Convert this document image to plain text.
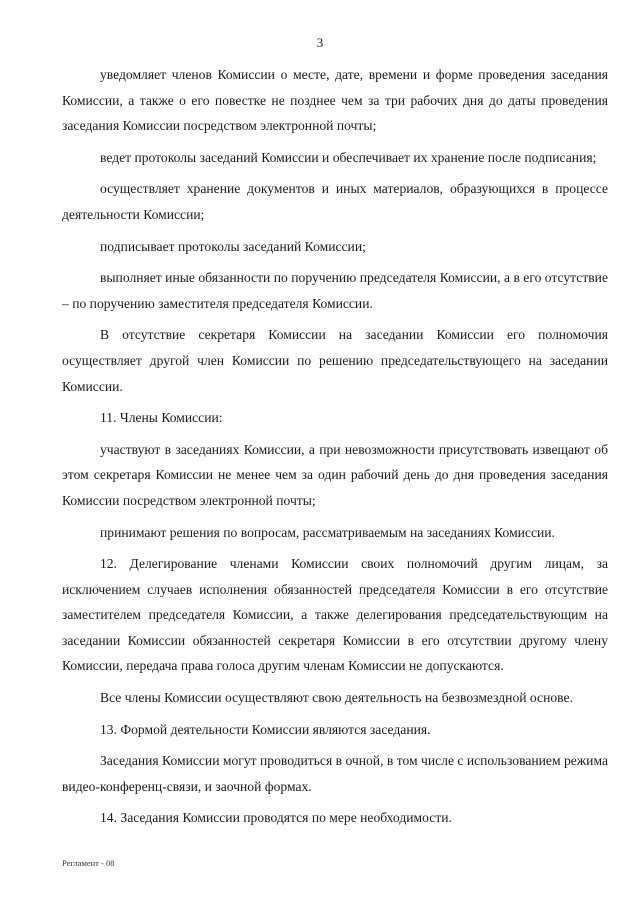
3

уведомляет членов Комиссии о месте, дате, времени и форме проведения заседания Комиссии, а также о его повестке не позднее чем за три рабочих дня до даты проведения заседания Комиссии посредством электронной почты;

ведет протоколы заседаний Комиссии и обеспечивает их хранение после подписания;

осуществляет хранение документов и иных материалов, образующихся в процессе деятельности Комиссии;

подписывает протоколы заседаний Комиссии;

выполняет иные обязанности по поручению председателя Комиссии, а в его отсутствие – по поручению заместителя председателя Комиссии.

В отсутствие секретаря Комиссии на заседании Комиссии его полномочия осуществляет другой член Комиссии по решению председательствующего на заседании Комиссии.

11. Члены Комиссии:

участвуют в заседаниях Комиссии, а при невозможности присутствовать извещают об этом секретаря Комиссии не менее чем за один рабочий день до дня проведения заседания Комиссии посредством электронной почты;

принимают решения по вопросам, рассматриваемым на заседаниях Комиссии.

12. Делегирование членами Комиссии своих полномочий другим лицам, за исключением случаев исполнения обязанностей председателя Комиссии в его отсутствие заместителем председателя Комиссии, а также делегирования председательствующим на заседании Комиссии обязанностей секретаря Комиссии в его отсутствии другому члену Комиссии, передача права голоса другим членам Комиссии не допускаются.

Все члены Комиссии осуществляют свою деятельность на безвозмездной основе.

13. Формой деятельности Комиссии являются заседания.

Заседания Комиссии могут проводиться в очной, в том числе с использованием режима видео-конференц-связи, и заочной формах.

14. Заседания Комиссии проводятся по мере необходимости.

Регламент - 08
